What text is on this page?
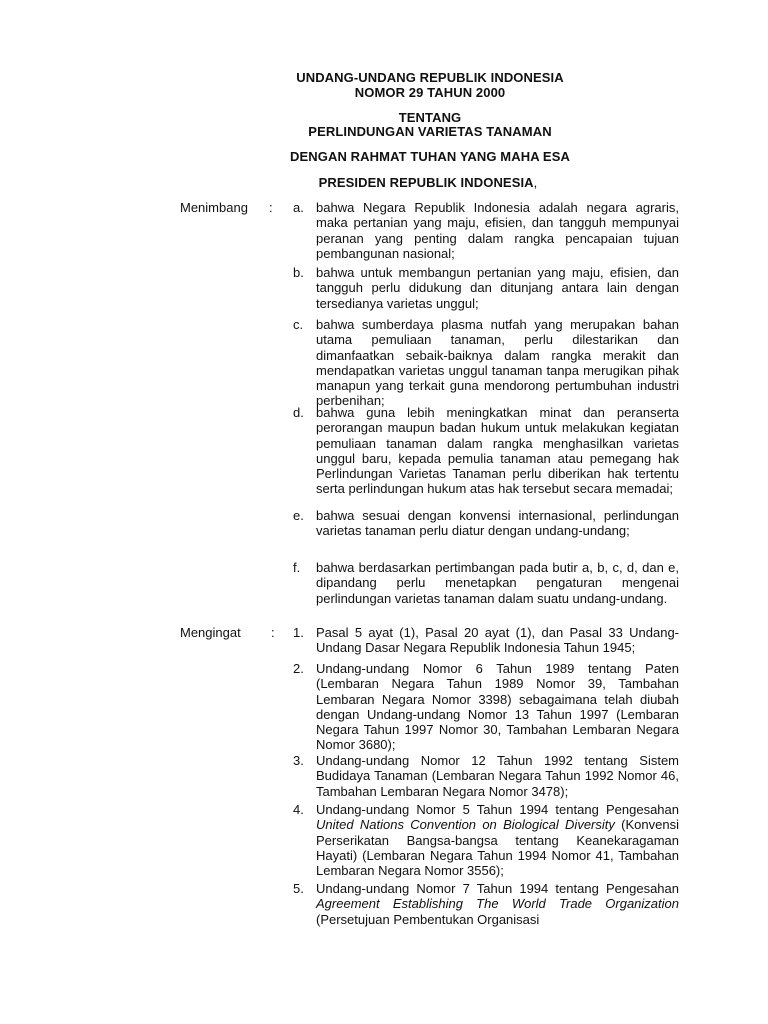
UNDANG-UNDANG REPUBLIK INDONESIA
NOMOR 29 TAHUN 2000
TENTANG
PERLINDUNGAN VARIETAS TANAMAN
DENGAN RAHMAT TUHAN YANG MAHA ESA
PRESIDEN REPUBLIK INDONESIA,
Menimbang : a. bahwa Negara Republik Indonesia adalah negara agraris, maka pertanian yang maju, efisien, dan tangguh mempunyai peranan yang penting dalam rangka pencapaian tujuan pembangunan nasional;
b. bahwa untuk membangun pertanian yang maju, efisien, dan tangguh perlu didukung dan ditunjang antara lain dengan tersedianya varietas unggul;
c. bahwa sumberdaya plasma nutfah yang merupakan bahan utama pemuliaan tanaman, perlu dilestarikan dan dimanfaatkan sebaik-baiknya dalam rangka merakit dan mendapatkan varietas unggul tanaman tanpa merugikan pihak manapun yang terkait guna mendorong pertumbuhan industri perbenihan;
d. bahwa guna lebih meningkatkan minat dan peranserta perorangan maupun badan hukum untuk melakukan kegiatan pemuliaan tanaman dalam rangka menghasilkan varietas unggul baru, kepada pemulia tanaman atau pemegang hak Perlindungan Varietas Tanaman perlu diberikan hak tertentu serta perlindungan hukum atas hak tersebut secara memadai;
e. bahwa sesuai dengan konvensi internasional, perlindungan varietas tanaman perlu diatur dengan undang-undang;
f. bahwa berdasarkan pertimbangan pada butir a, b, c, d, dan e, dipandang perlu menetapkan pengaturan mengenai perlindungan varietas tanaman dalam suatu undang-undang.
Mengingat : 1. Pasal 5 ayat (1), Pasal 20 ayat (1), dan Pasal 33 Undang-Undang Dasar Negara Republik Indonesia Tahun 1945;
2. Undang-undang Nomor 6 Tahun 1989 tentang Paten (Lembaran Negara Tahun 1989 Nomor 39, Tambahan Lembaran Negara Nomor 3398) sebagaimana telah diubah dengan Undang-undang Nomor 13 Tahun 1997 (Lembaran Negara Tahun 1997 Nomor 30, Tambahan Lembaran Negara Nomor 3680);
3. Undang-undang Nomor 12 Tahun 1992 tentang Sistem Budidaya Tanaman (Lembaran Negara Tahun 1992 Nomor 46, Tambahan Lembaran Negara Nomor 3478);
4. Undang-undang Nomor 5 Tahun 1994 tentang Pengesahan United Nations Convention on Biological Diversity (Konvensi Perserikatan Bangsa-bangsa tentang Keanekaragaman Hayati) (Lembaran Negara Tahun 1994 Nomor 41, Tambahan Lembaran Negara Nomor 3556);
5. Undang-undang Nomor 7 Tahun 1994 tentang Pengesahan Agreement Establishing The World Trade Organization (Persetujuan Pembentukan Organisasi
